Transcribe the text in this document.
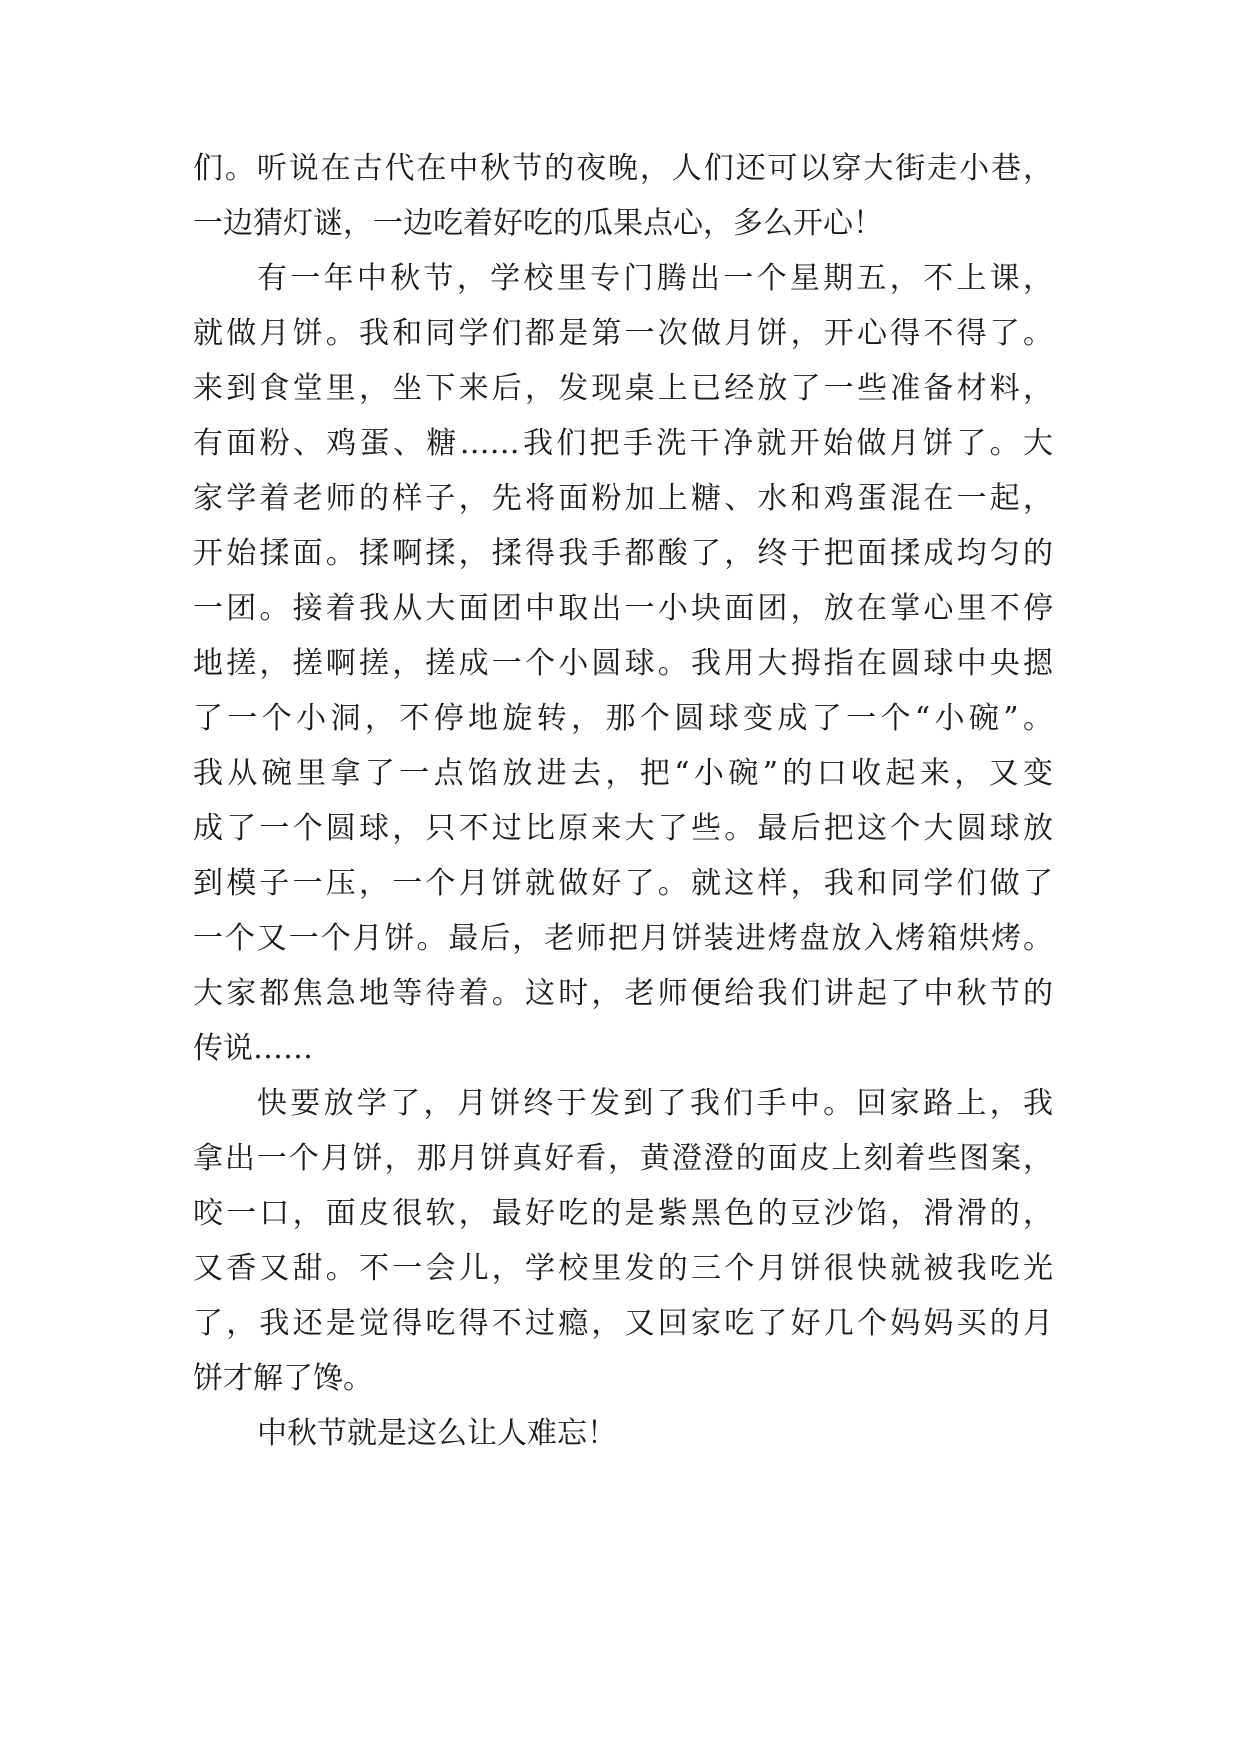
们。听说在古代在中秋节的夜晚，人们还可以穿大街走小巷，
一边猜灯谜，一边吃着好吃的瓜果点心，多么开心！
有一年中秋节，学校里专门腾出一个星期五，不上课，
就做月饼。我和同学们都是第一次做月饼，开心得不得了。
来到食堂里，坐下来后，发现桌上已经放了一些准备材料，
有面粉、鸡蛋、糖……我们把手洗干净就开始做月饼了。大
家学着老师的样子，先将面粉加上糖、水和鸡蛋混在一起，
开始揉面。揉啊揉，揉得我手都酸了，终于把面揉成均匀的
一团。接着我从大面团中取出一小块面团，放在掌心里不停
地搓，搓啊搓，搓成一个小圆球。我用大拇指在圆球中央摁
了一个小洞，不停地旋转，那个圆球变成了一个“小碗”。
我从碗里拿了一点馅放进去，把“小碗”的口收起来，又变
成了一个圆球，只不过比原来大了些。最后把这个大圆球放
到模子一压，一个月饼就做好了。就这样，我和同学们做了
一个又一个月饼。最后，老师把月饼装进烤盘放入烤箱烘烤。
大家都焦急地等待着。这时，老师便给我们讲起了中秋节的
传说……
快要放学了，月饼终于发到了我们手中。回家路上，我
拿出一个月饼，那月饼真好看，黄澄澄的面皮上刻着些图案，
咬一口，面皮很软，最好吃的是紫黑色的豆沙馅，滑滑的，
又香又甜。不一会儿，学校里发的三个月饼很快就被我吃光
了，我还是觉得吃得不过瘾，又回家吃了好几个妈妈买的月
饼才解了馋。
中秋节就是这么让人难忘！
